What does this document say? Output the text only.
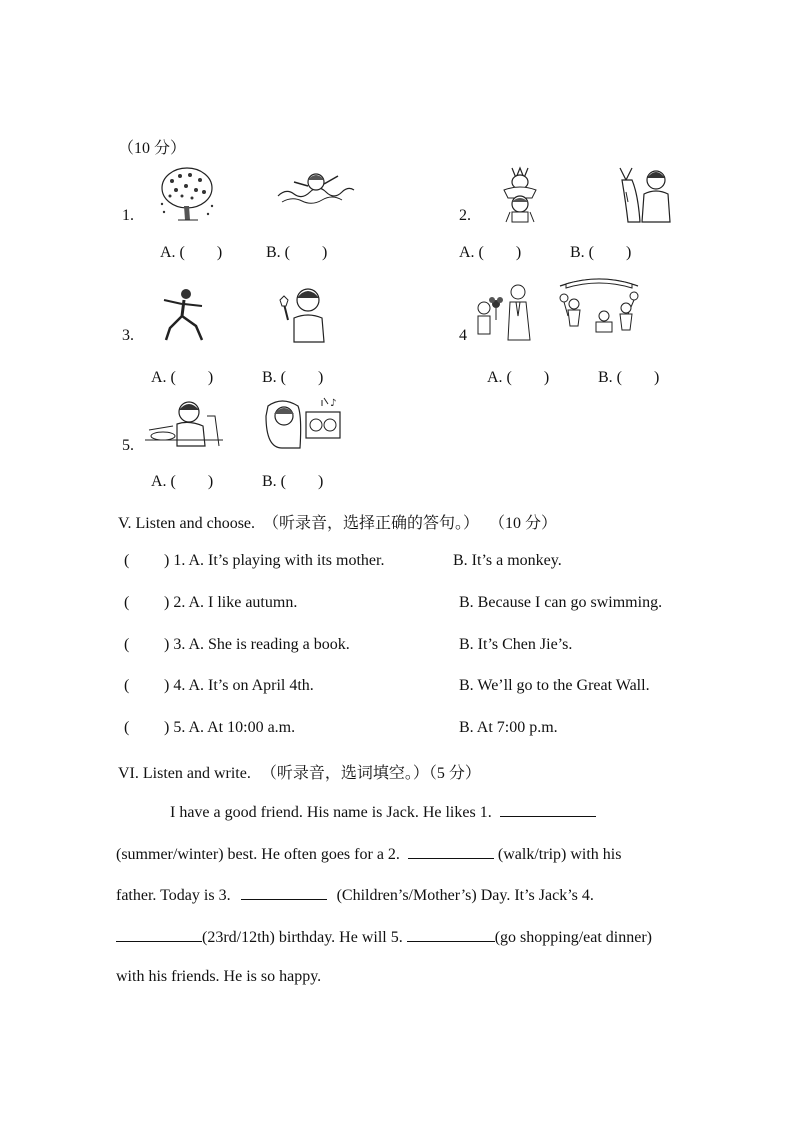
（10 分）
1.
A. (　　)	B. (　　)
2.
A. (　　)	B. (　　)
3.
A. (　　)	B. (　　)
4
A. (　　)	B. (　　)
5.
♪
A. (　　)	B. (　　)
V. Listen and choose. （听录音，选择正确的答句。） （10 分）
( ) 1. A. It’s playing with its mother.	B. It’s a monkey.
( ) 2. A. I like autumn.	B. Because I can go swimming.
( ) 3. A. She is reading a book.	B. It’s Chen Jie’s.
( ) 4. A. It’s on April 4th.	B. We’ll go to the Great Wall.
( ) 5. A. At 10:00 a.m.	B. At 7:00 p.m.
VI. Listen and write. （听录音，选词填空。）（5 分）
I have a good friend. His name is Jack. He likes 1.
(summer/winter) best. He often goes for a 2.	(walk/trip) with his
father. Today is 3.	(Children’s/Mother’s) Day. It’s Jack’s 4.
(23rd/12th) birthday. He will 5.	(go shopping/eat dinner)
with his friends. He is so happy.
